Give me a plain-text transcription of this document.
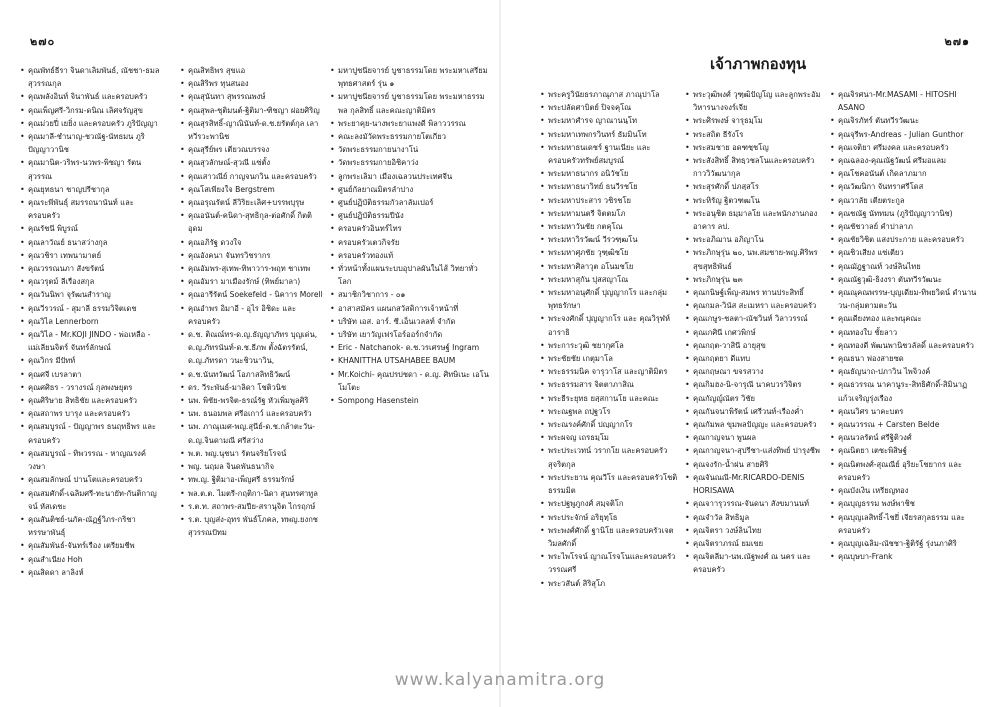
๒๗๐
• คุณพัทธ์ธีรา จินดาเลิมพันธ์, ณัชชา-ธมล สุวรรณกุล
• คุณพลังอินท์ จินาพันธ์ และครอบครัว
• คุณเพ็ญศรี-วิกรม-ดนิณ เลิศจรัญสุข
• คุณม่วยปี่ เยยิ่ง และครอบครัว ภูริปัญญา
• คุณมาลี-ชำนาญ-ชวณัฐ-นัทธมน ภูริปัญญาวานิช
• คุณมานิต-วริพร-นวพร-พิชญา รัตนสุวรรณ
• คุณยุทธนา ชาญปรีชากุล
• คุณระพีพันธุ์ สมรรถนานันท์ และครอบครัว
• คุณรัชนี พิบูรณ์
• คุณลาวัณย์ ธนาสว่างกุล
• คุณวชิรา เทพนามาตย์
• คุณวรรณนภา สังขรัตน์
• คุณวรุตม์ ลีเรืองสกุล
• คุณวันนิพา จุรัฒนสำราญ
• คุณวีรวรณ์ - สุมาลี ธรรมวิจิตเดช
• คุณวิไล Lennerborn
• คุณวิไล - Mr.KOJI JINDO - พ่อเหลือ - แม่เลียนจิตร์ จันทร์ลักษณ์
• คุณวิกร มีปัทท์
• คุณศจี เบรลาตา
• คุณศศิธร - วรางรณ์ กุลพงษยุตร
• คุณศิริษาย สิทธิชัย และครอบครัว
• คุณสถาพร บารุง และครอบครัว
• คุณสมบูรณ์ - ปัญญาพร ธนฤทธิพร และ ครอบครัว
• คุณสมบูรณ์ - ทิพวรรณ - หาญณรงค์ วงษา
• คุณสมลักษณ์ ปานโตและครอบครัว
• คุณสมศักดิ์-เฉลิมศรี-ทะนายัท-กันติกาญจน์ หัสเดชะ
• คุณสันติชย์-นภัค-ณัฏฐ์วิภร-กริชา หรรษาพันธุ์
• คุณสัมพันธ์-จันทร์เรือง เตรียมชีพ
• คุณสำเนียง Hoh
• คุณสิดดา ลาลิงห์
• คุณสิทธิพร สุขแอ
• คุณสิริพร ทุนสนอง
• คุณสุนันทา สุพรรณพงษ์
• คุณสุพล-ชุติมนต์-ฐิติมา-ฑิชญา ฝอยศิริญ
• คุณสุรสิทธิ์-ญาณินันท์-ด.ช.ยรัตต์กุล เลาหวีรวะพานิช
• คุณสุรีย์พร เตียวณบรรจง
• คุณสุวลักษณ์-สุวณี แซ่ตั้ง
• คุณเสาวณีย์ กาญจนกวิน และครอบครัว
• คุณโสเพียงใจ Bergstrem
• คุณอรุณรัตน์ ลีวิริยะเลิศ+บรรพบุรุษ
• คุณอนันต์-คนิดา-สุทธิกุล-ต่อศักดิ์ กิตติอุดม
• คุณอภิรัฐ ดวงใจ
• คุณอังคนา จันทรวิชรากร
• คุณอัมพร-สุเทพ-ทิพาวาร-พฤท ชาเทพ
• คุณอัมรา มาเมืองรักษ์ (ทิพย์มาลา)
• คุณอารีรัตน์ Soekefeld - นิคาาร Morell
• คุณอำพร อิมาอี - อุไร อิชิดะ และครอบครัว
• ด.ช. ติณณ์ทร-ด.ญ.ธัญญาภัทร บุญเด่น, ด.ญ.ภัทรนันท์-ด.ช.ธีภพ ตั้งฉัตรรัตน์, ด.ญ.ภัทรดา วนะชิวนาวิน,
• ด.ช.นันทวัฒน์ โอภาสลิทธิวัฒน์
• ดร. วีระพันธ์-มาลิดา โชติวนิช
• นพ. พิชัย-พรจิต-ธรณ์รัฐ หัวเพิ่มพูลศิริ
• นพ. ธนอมพล ศรีอเกาว์ และครอบครัว
• นพ. ภาณุเมศ-พญ.สุนีย์-ด.ช.กล้าตะวัน-ด.ญ.จินดามณี ศรีสว่าง
• พ.ต. พญ.นุชนา รัตนจริยโรจน์
• พญ. นฤมล จินดพันธนากิจ
• ทพ.ญ. ฐิติมาอ-เพ็ญศรี ธรรมรักษ์
• พล.ต.ต. ไมตรี-กฤติกา-นิดา สุนทรศาทูล
• ร.ต.ท. สถาพร-สมปีย-สรานุจิต ไกรฤกษ์
• ร.ต. บุญส่ง-อุทร พันธ์โภคล, ทพญ.ยงกช สุวรรณปัทม
• มหาปูชนียจารย์ บูชาธรรมโดย พระมหาเสรียมพุทธศาสตร์ รุ่น ๑
• มหาปูชนียจารย์ บูชาธรรมโดย พระมหาธรรมพล กุลสิทธิ์ และคณะญาติมิตร
• พระยาคุย-นางพระยาแพงดี พิลาววรรณ
• คณะลงมัวัดพระธรรมกายโตเกียว
• วัดพระธรรมกายนางาโน่
• วัดพระธรรมกายอิชิคาว่ง
• ลูกพระเลิมา เมืองเฉลวนประเทศจีน
• ศูนย์กัลยาณมิตรลำปาง
• ศูนย์ปฏิบัติธรรมกัวลาลัมเปอร์
• ศูนย์ปฏิบัติธรรมปีนัง
• ครอบครัวอินทร์ไทร
• ครอบครัวเตวกิจรัย
• ครอบครัวทองแท้
• ทั่วหน้าทั้งแผนระบบอุปาลผันในไส้ วิทยาทั่วโลก
• สมาชิกวิชาการ - ๐๑
• อาสาสมัคร แผนกสวัสดิการเจ้าหน้าที่
• บริษัท เอส. อาร์. ซี.เอ็นเวลลท์ จำกัด
• บริษัท เยาวัญเฟรโอร์ออร์กจำกัด
• Eric - Natchanok- ด.ช.วรเศรษฐ์ Ingram
• KHANITTHA UTSAHABEE BAUM
• Mr.Koichi- คุณปรปชดา - ด.ญ. ศิทษิเนะ เอโนโมโตะ
• Sompong Hasenstein
๒๗๑
เจ้าภาพกองทุน
• พระครูวินัยธรภาณุภาส ภาณุปาโล
• พระปลัดศาบิตย์ ปิจจคุโณ
• พระมหาศำรจ ญาณานนฺโท
• พระมหาเทพกรวินทร์ ธัมมินโท
• พระมหาธนเดชร์ ฐานเนียะ และครอบครัวทรัพย์สมบูรณ์
• พระมหาธนากร อนิวัชโย
• พระมหาธนาวิทย์ ธนวีรชโย
• พระมหาประสาร วชิรชโย
• พระมหามนตรี จิตตมโภ
• พระมหาวันชัย กตคุโณ
• พระมหาวิรวัฒน์ วีรวฑฺฒโน
• พระมหาศุภชัย วุฑฺฒิชโย
• พระมหาศิลาวุต อโนมชโย
• พระมหาสุกัน ปุสสญาโณ
• พระมหาอนุศักดิ์ ปุญญากโร และกลุ่มพุทธรักษา
• พระจงศักดิ์ ปุญญากโร และ คุณวิรุฬห์ อาราธิ
• พระการะวุฒิ ชยากุศโล
• พระชัยชัย เกตุมาโล
• พระธรรมนิค จารุวาโส และญาติมิตร
• พระธรรมสาร จิตตาภาสิณ
• พระธีระยุทธ ยสฺสกานโย และคณะ
• พระณฐพล ถปฺฐวโร
• พระณรงค์ศักดิ์ ปญฺญากโร
• พระผจญ เถรธมฺโม
• พระประเวทน์ วรากโย และครอบครัวสุจริตกุล
• พระประยาน คุณวีโร และครอบครัวโชติธรรมมิต
• พระปฐพูภูกงศ์ สมฺจติโก
• พระประจักษ์ อริยุทฺโธ
• พระพงศ์ศักดิ์ ฐานิโย และครอบครัวเจตวิมลศักดิ์
• พระไพโรจน์ ญาณโรจโนและครอบครัววรรณศรี
• พระวสันต์ สิริสุโภ
• พระวุฒิพงศ์ วุฑฺฒิปัญโญ และลูกพระอัมวิหารนางจงร์เจีย
• พระศิรพงษ์ จารุธมฺโม
• พระสถิต ธีรังโร
• พระสมชาย อดฑชฺชโญ
• พระสังสิทธิ์ สิทธฺวชลโนและครอบครัวกาววิวัฒนากุล
• พระสุรศักดิ์ ปภสฺสโร
• พระหิรัญ ฐิตวฑฒโน
• พระอนุชิต ธมฺมาลโย และพนักงานกองอาคาร ลป.
• พระอภิฌาน อภิญาโน
• พระภิกษุรุ่น ๒๐, นพ.สมชาย-พญ.ศิริพร สุขสุทธิพันธ์
• พระภิกษุรุ่น ๒๓
• คุณกนิษฐ์เพ็ญ-สมพร ทานประสิทธิ์
• คุณกมล-วินัส สะเมหรา และครอบครัว
• คุณเกษูร-ชลตา-ณัชวินท์ วิลาวรรณ์
• คุณเกศินี เกศวพิกษ์
• คุณกฤต-วาสินี อายุสุข
• คุณกฤตยา ดีแทบ
• คุณกฤษณา ขจรสวาง
• คุณกิมฮง-นิ-จารุณี นาคบวรวิจิตร
• คุณกัญญ์ณัตร วิชัย
• คุณกันจนาพิรัตน์ เศรีวนท์-เรืองค่ำ
• คุณกัมพล ขุมพลปัญญะ และครอบครัว
• คุณกาญจนา พูนผล
• คุณกาญจนา-สุปรีชา-แส่งทิพย์ ปารุงชีพ
• คุณจงรัก-น้ำฝน สายศิริ
• คุณจันณณี-Mr.RICARDO-DENIS HORISAWA
• คุณจาารุวรรณ-จันดนา สังขมานนท์
• คุณจำวัล สิทธิมูล
• คุณจิตรา วงษ์ลินไทย
• คุณจิตราภรณ์ ยมเขย
• คุณจิตลีมา-นพ.ณัฐพงศ์ ณ นคร และครอบครัว
• คุณจิรศนา-Mr.MASAMI - HITOSHI ASANO
• คุณจิรภัทร์ ตันทวีรวัฒนะ
• คุณจุรีพร-Andreas - Julian Gunthor
• คุณเจติยา ศรีมงคล และครอบครัว
• คุณฉลอง-คุณณัฐวัฒน์ ศรีมอแลม
• คุณโชคอนันต์ เกิดลาภมาก
• คุณวัฒนิกา จันทราศรีโดส
• คุณวาลัย เตียตระกูล
• คุณชณัฐ นัททมน (ภูริปัญญาวานิช)
• คุณชัชวาลย์ คำปาลาภ
• คุณชัยวิชิต แสงประกาย และครอบครัว
• คุณชิวเสียง แซ่เตียว
• คุณฌัฎฐาณท์ วงษ์ลินไทย
• คุณณัฐวุฒิ-ธิงงรา ตันทวีรวัฒนะ
• คุณณุคณพรรษ-บุญเดียม-ทิพยวิดน์ ดำนานวน-กลุ่มตามตะวัน
• คุณเดียงทอง และพนุคณะ
• คุณทองใบ ชั้ยลาว
• คุณทองดี พัฒนพานิชวลัลดิ์ และครอบครัว
• คุณธนา ฟองสายซด
• คุณธัญนาถ-ปภาวิน ไพจิวงค์
• คุณธวรรณ นาคานูระ-สิทธิศักดิ์-สิมินาฏ แก้วเจริญรุ่งเรือง
• คุณนวิศร นาคะบตร
• คุณนวรรณ + Carsten Belde
• คุณนวลรัตน์ ศรีฐิติวงศ์
• คุณนิตยา เตชะพิสิษฐ์
• คุณนิตพงศ์-สุณณีย์ อุริยะโชยากร และ ครอบครัว
• คุณบังเงิน เหรียญทอง
• คุณบุญธรรม พงษ์พาชิช
• คุณบุญเลสิทธิ์-ไชยี่ เจียรสกุลธรรม และครอบครัว
• คุณบุญเฉลิม-ณัชชา-ฐิติรัฐ์ รุ่งนภาศิริ
• คุณบุษบา-Frank
www.kalyanamitra.org
